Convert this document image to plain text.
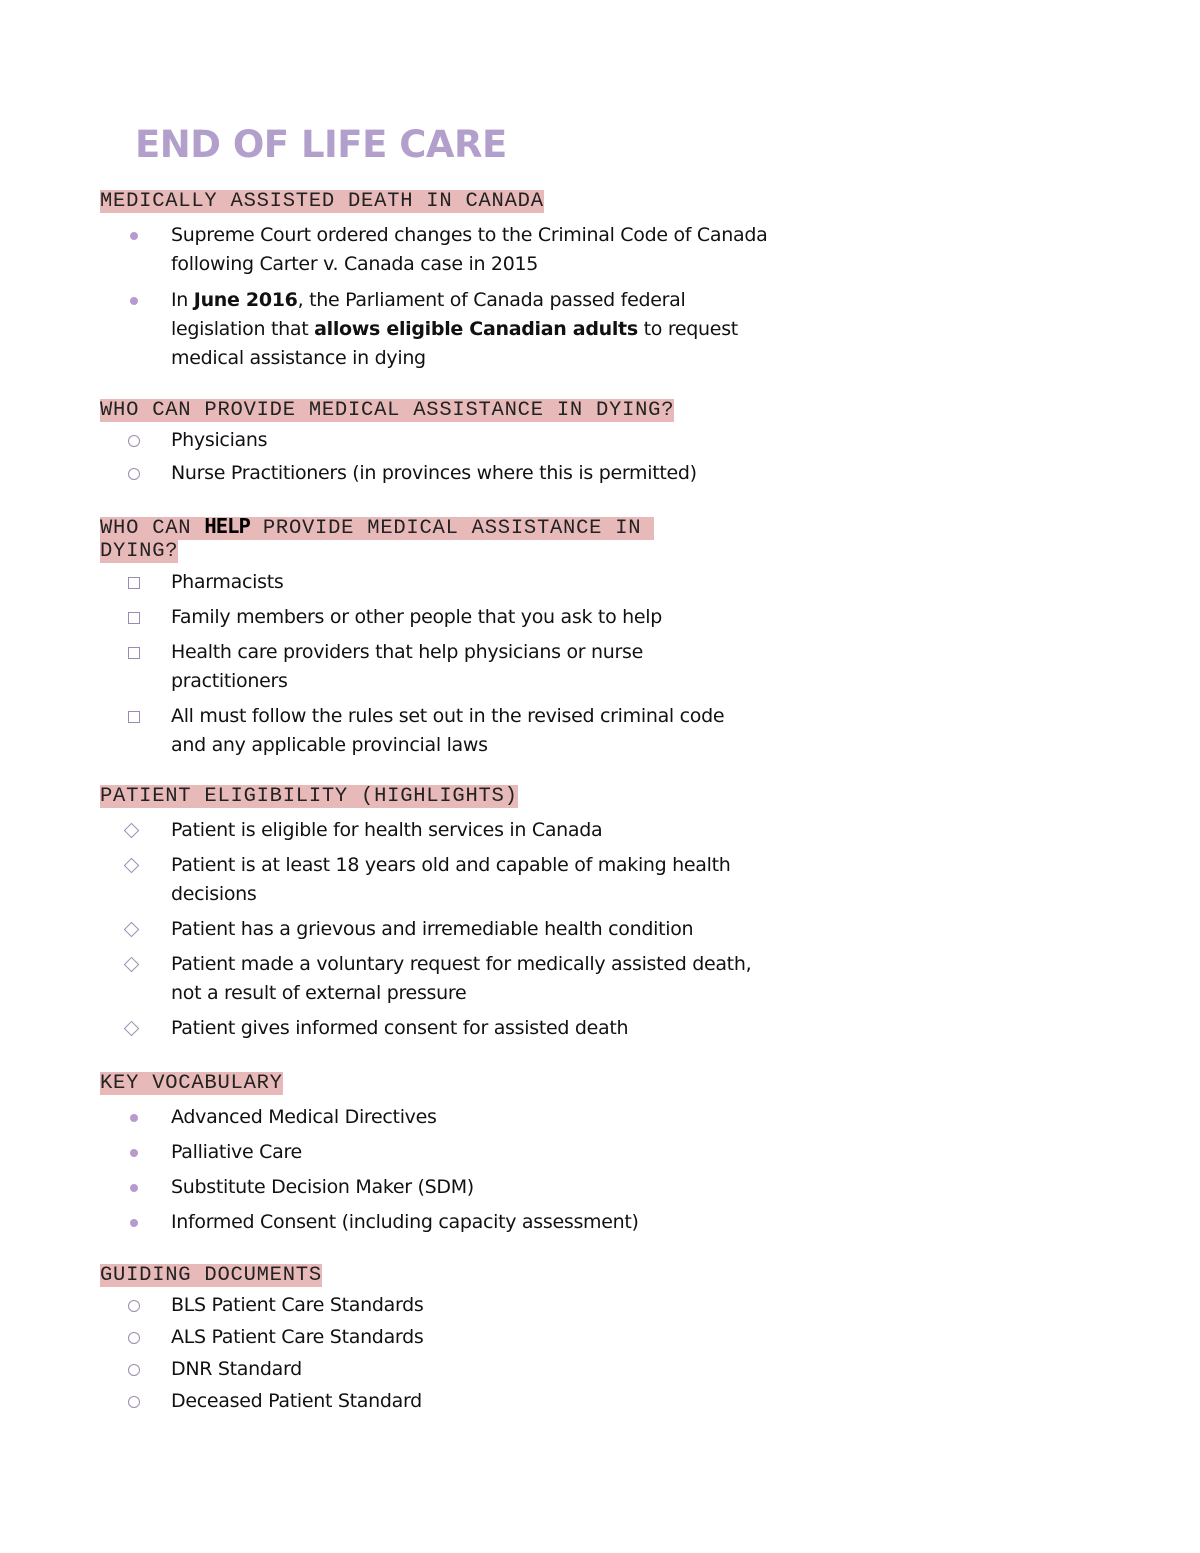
END OF LIFE CARE
MEDICALLY ASSISTED DEATH IN CANADA
Supreme Court ordered changes to the Criminal Code of Canada following Carter v. Canada case in 2015
In June 2016, the Parliament of Canada passed federal legislation that allows eligible Canadian adults to request medical assistance in dying
WHO CAN PROVIDE MEDICAL ASSISTANCE IN DYING?
Physicians
Nurse Practitioners (in provinces where this is permitted)
WHO CAN HELP PROVIDE MEDICAL ASSISTANCE IN
DYING?
Pharmacists
Family members or other people that you ask to help
Health care providers that help physicians or nurse practitioners
All must follow the rules set out in the revised criminal code and any applicable provincial laws
PATIENT ELIGIBILITY (HIGHLIGHTS)
Patient is eligible for health services in Canada
Patient is at least 18 years old and capable of making health decisions
Patient has a grievous and irremediable health condition
Patient made a voluntary request for medically assisted death, not a result of external pressure
Patient gives informed consent for assisted death
KEY VOCABULARY
Advanced Medical Directives
Palliative Care
Substitute Decision Maker (SDM)
Informed Consent (including capacity assessment)
GUIDING DOCUMENTS
BLS Patient Care Standards
ALS Patient Care Standards
DNR Standard
Deceased Patient Standard
